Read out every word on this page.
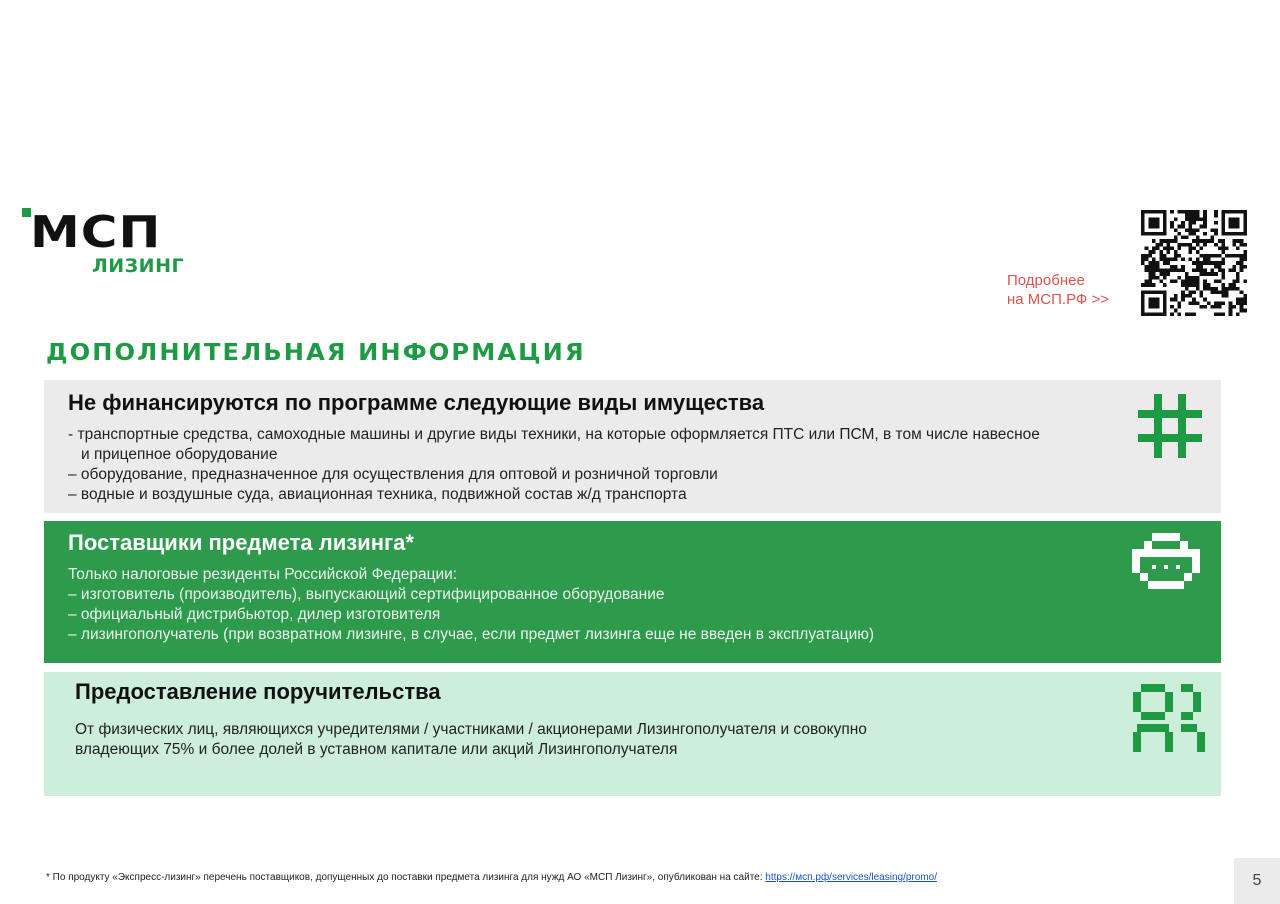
МСП
ЛИЗИНГ
Подробнее
на МСП.РФ >>
ДОПОЛНИТЕЛЬНАЯ ИНФОРМАЦИЯ
Не финансируются по программе следующие виды имущества
- транспортные средства, самоходные машины и другие виды техники, на которые оформляется ПТС или ПСМ, в том числе навесное
и прицепное оборудование
– оборудование, предназначенное для осуществления для оптовой и розничной торговли
– водные и воздушные суда, авиационная техника, подвижной состав ж/д транспорта
Поставщики предмета лизинга*
Только налоговые резиденты Российской Федерации:
– изготовитель (производитель), выпускающий сертифицированное оборудование
– официальный дистрибьютор, дилер изготовителя
– лизингополучатель (при возвратном лизинге, в случае, если предмет лизинга еще не введен в эксплуатацию)
Предоставление поручительства
От физических лиц, являющихся учредителями / участниками / акционерами Лизингополучателя и совокупно
владеющих 75% и более долей в уставном капитале или акций Лизингополучателя
* По продукту «Экспресс-лизинг» перечень поставщиков, допущенных до поставки предмета лизинга для нужд АО «МСП Лизинг», опубликован на сайте: https://мсп.рф/services/leasing/promo/	5
